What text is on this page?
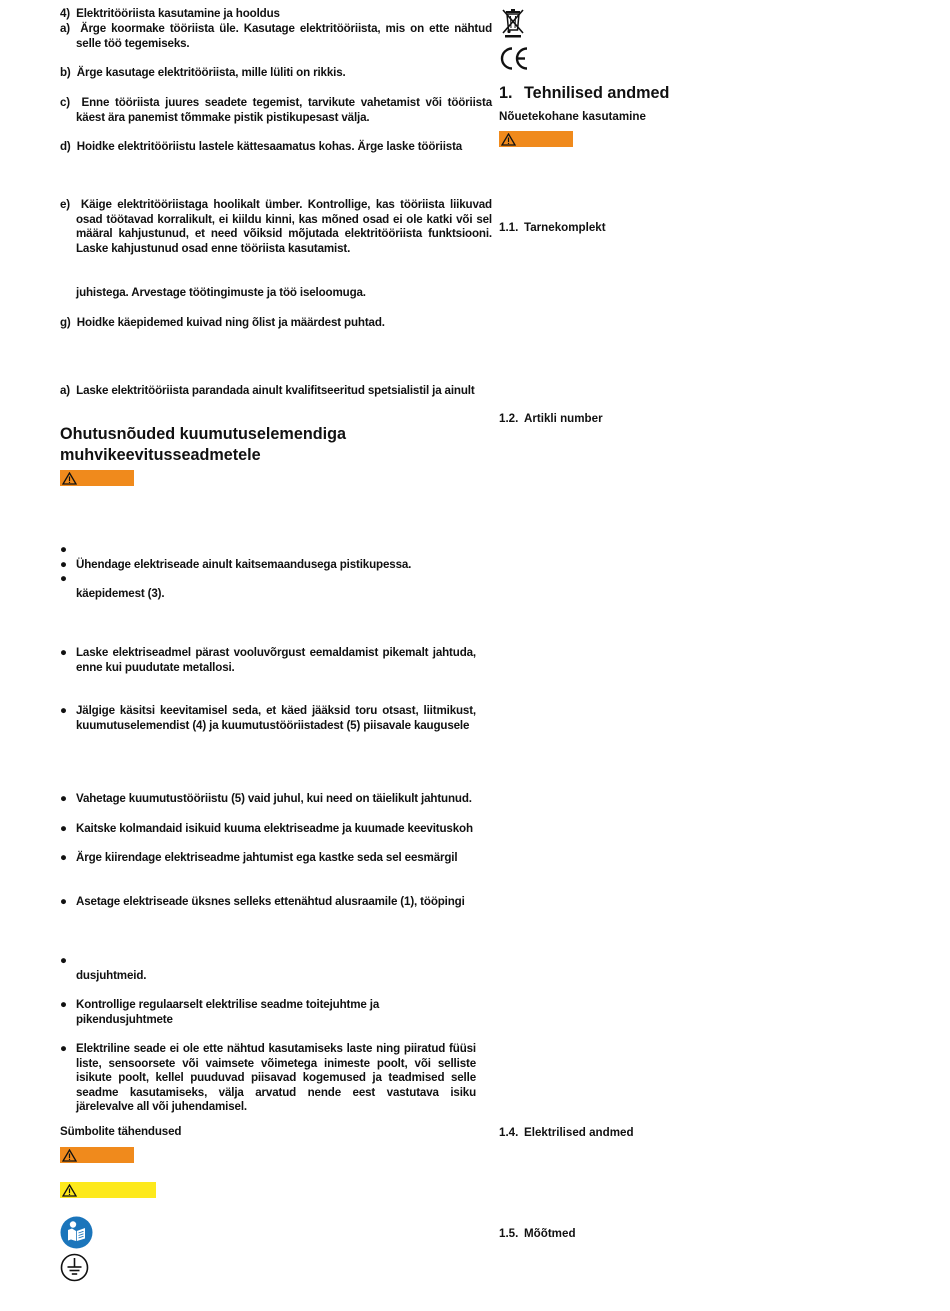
4)  Elektritööriista kasutamine ja hooldus
a)  Ärge koormake tööriista üle. Kasutage elektritööriista, mis on ette nähtud selle töö tegemiseks.
b)  Ärge kasutage elektritööriista, mille lüliti on rikkis.
c)  Enne tööriista juures seadete tegemist, tarvikute vahetamist või tööriista käest ära panemist tõmmake pistik pistikupesast välja.
d)  Hoidke elektritööriistu lastele kättesaamatus kohas. Ärge laske tööriista
e)  Käige elektritööriistaga hoolikalt ümber. Kontrollige, kas tööriista liikuvad osad töötavad korralikult, ei kiildu kinni, kas mõned osad ei ole katki või sel määral kahjustunud, et need võiksid mõjutada elektritööriista funktsiooni. Laske kahjustunud osad enne tööriista kasutamist.
juhistega. Arvestage töötingimuste ja töö iseloomuga.
g)  Hoidke käepidemed kuivad ning õlist ja määrdest puhtad.
a)  Laske elektritööriista parandada ainult kvalifitseeritud spetsialistil ja ainult
Ohutusnõuded kuumutuselemendiga
muhvikeevitusseadmetele
●
● Ühendage elektriseade ainult kaitsemaandusega pistikupessa.
●
käepidemest (3).
● Laske elektriseadmel pärast vooluvõrgust eemaldamist pikemalt jahtuda, enne kui puudutate metallosi.
● Jälgige käsitsi keevitamisel seda, et käed jääksid toru otsast, liitmikust, kuumutuselemendist (4) ja kuumutustööriistadest (5) piisavale kaugusele
● Vahetage kuumutustööriistu (5) vaid juhul, kui need on täielikult jahtunud.
● Kaitske kolmandaid isikuid kuuma elektriseadme ja kuumade keevituskoh
● Ärge kiirendage elektriseadme jahtumist ega kastke seda sel eesmärgil
● Asetage elektriseade üksnes selleks ettenähtud alusraamile (1), tööpingi
●
dusjuhtmeid.
● Kontrollige regulaarselt elektrilise seadme toitejuhtme ja pikendusjuhtmete
● Elektriline seade ei ole ette nähtud kasutamiseks laste ning piiratud füüsi liste, sensoorsete või vaimsete võimetega inimeste poolt, või selliste isikute poolt, kellel puuduvad piisavad kogemused ja teadmised selle seadme kasutamiseks, välja arvatud nende eest vastutava isiku järelevalve all või juhendamisel.
Sümbolite tähendused
1. Tehnilised andmed
Nõuetekohane kasutamine
1.1. Tarnekomplekt
1.2. Artikli number
1.4. Elektrilised andmed
1.5. Mõõtmed
